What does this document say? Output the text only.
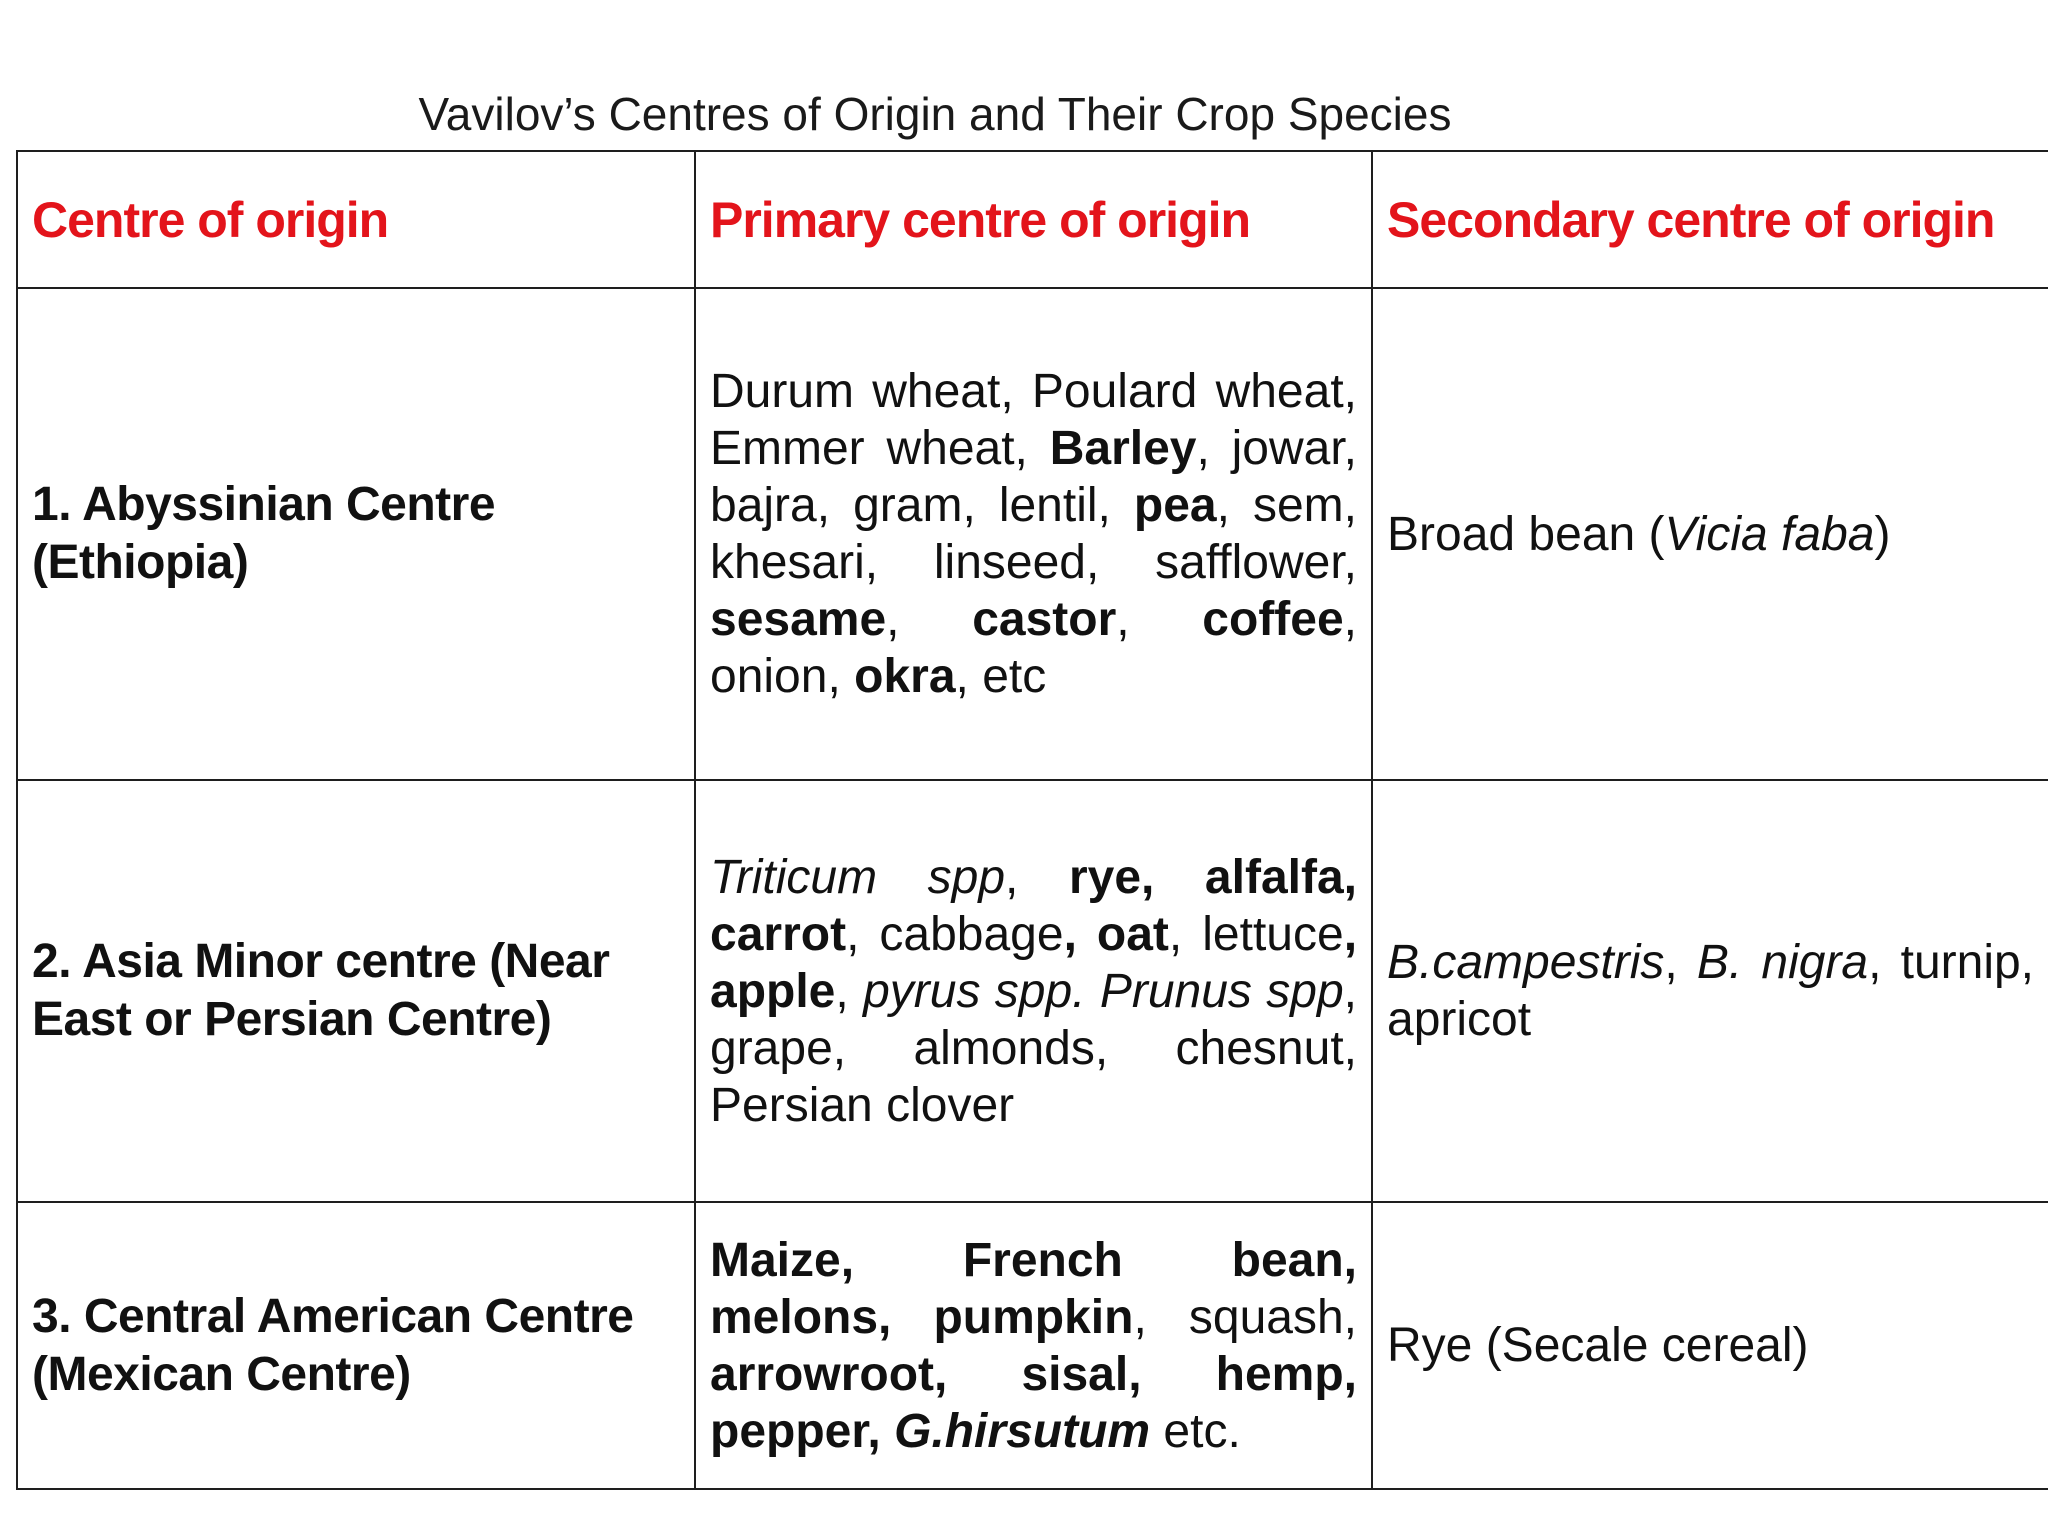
Vavilov’s Centres of Origin and Their Crop Species
Centre of origin	Primary centre of origin	Secondary centre of origin

1. Abyssinian Centre
(Ethiopia)	Durum wheat, Poulard wheat, Emmer wheat, Barley, jowar, bajra, gram, lentil, pea, sem, khesari, linseed, safflower, sesame, castor, coffee, onion, okra, etc	Broad bean (Vicia faba)

2. Asia Minor centre (Near
East or Persian Centre)	Triticum spp, rye, alfalfa, carrot, cabbage, oat, lettuce, apple, pyrus spp. Prunus spp, grape, almonds, chesnut, Persian clover	B.campestris, B. nigra, turnip, apricot

3. Central American Centre
(Mexican Centre)	Maize, French bean, melons, pumpkin, squash, arrowroot, sisal, hemp, pepper, G.hirsutum etc.	Rye (Secale cereal)
